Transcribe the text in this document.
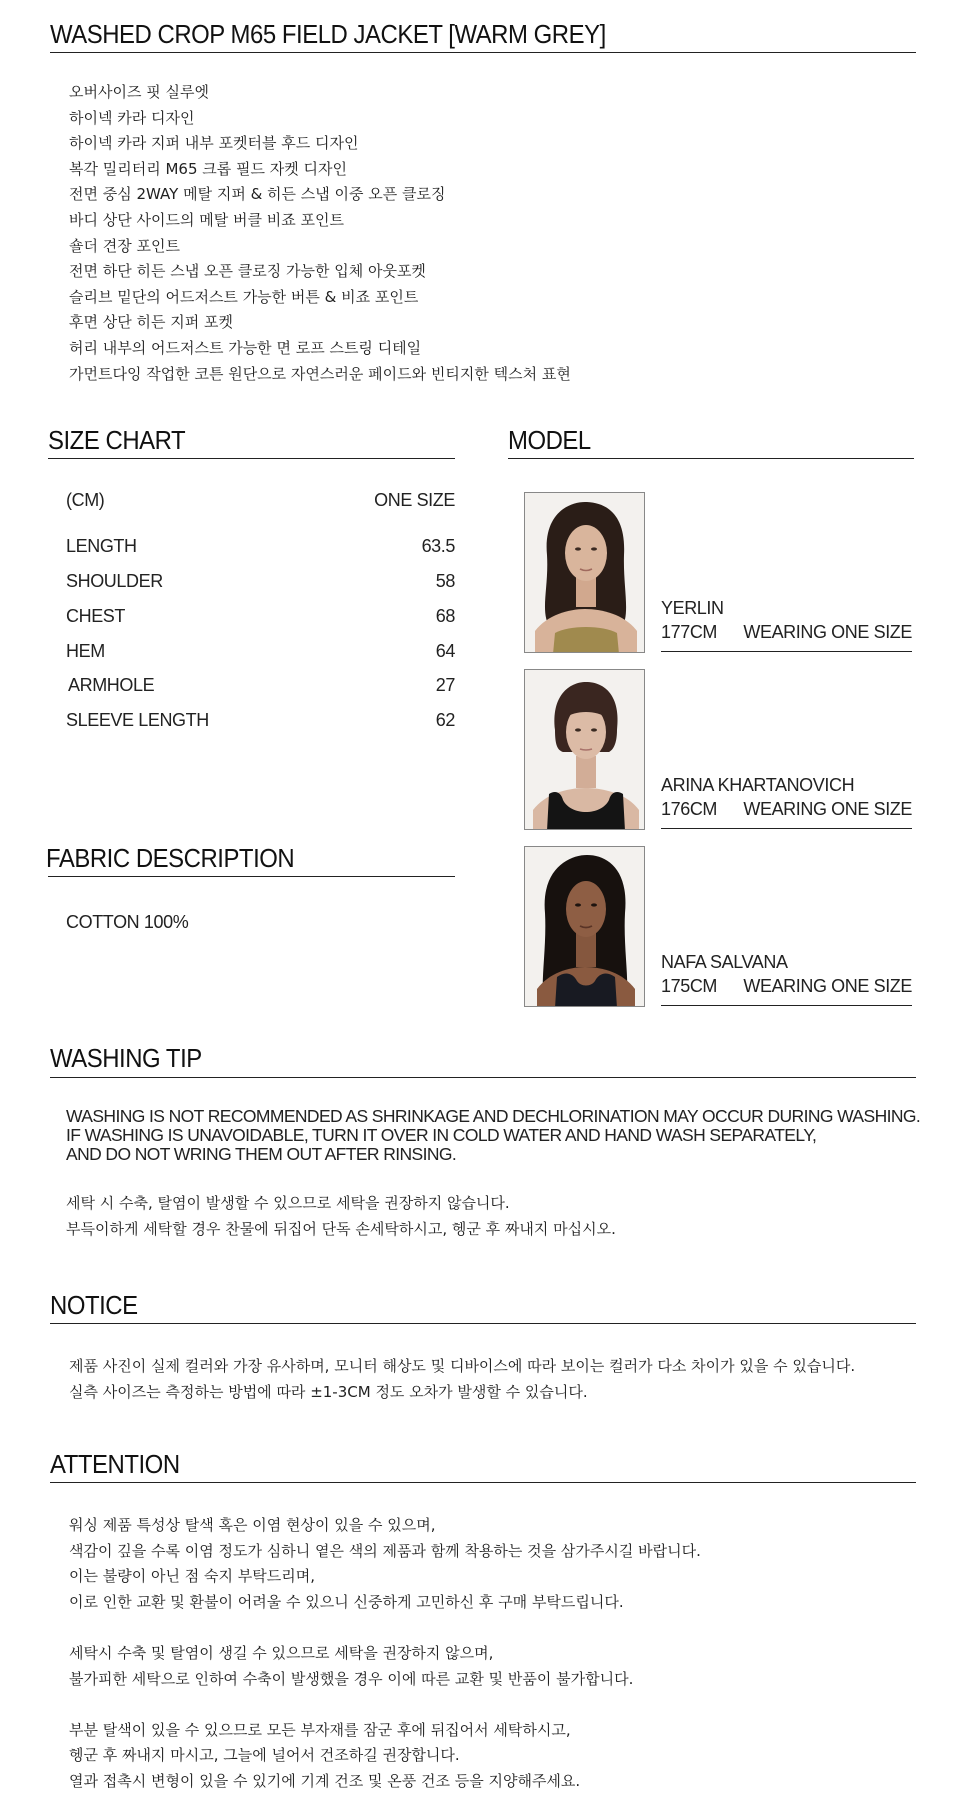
WASHED CROP M65 FIELD JACKET [WARM GREY]
오버사이즈 핏 실루엣
하이넥 카라 디자인
하이넥 카라 지퍼 내부 포켓터블 후드 디자인
복각 밀리터리 M65 크롭 필드 자켓 디자인
전면 중심 2WAY 메탈 지퍼 & 히든 스냅 이중 오픈 클로징
바디 상단 사이드의 메탈 버클 비죠 포인트
숄더 견장 포인트
전면 하단 히든 스냅 오픈 클로징 가능한 입체 아웃포켓
슬리브 밑단의 어드저스트 가능한 버튼 & 비죠 포인트
후면 상단 히든 지퍼 포켓
허리 내부의 어드저스트 가능한 면 로프 스트링 디테일
가먼트다잉 작업한 코튼 원단으로 자연스러운 페이드와 빈티지한 텍스처 표현
SIZE CHART
(CM)	ONE SIZE
LENGTH	63.5
SHOULDER	58
CHEST	68
HEM	64
ARMHOLE	27
SLEEVE LENGTH	62
FABRIC DESCRIPTION
COTTON 100%
MODEL
YERLIN
177CM WEARING ONE SIZE
ARINA KHARTANOVICH
176CM WEARING ONE SIZE
NAFA SALVANA
175CM WEARING ONE SIZE
WASHING TIP
WASHING IS NOT RECOMMENDED AS SHRINKAGE AND DECHLORINATION MAY OCCUR DURING WASHING.
IF WASHING IS UNAVOIDABLE, TURN IT OVER IN COLD WATER AND HAND WASH SEPARATELY,
AND DO NOT WRING THEM OUT AFTER RINSING.
세탁 시 수축, 탈염이 발생할 수 있으므로 세탁을 권장하지 않습니다.
부득이하게 세탁할 경우 찬물에 뒤집어 단독 손세탁하시고, 헹군 후 짜내지 마십시오.
NOTICE
제품 사진이 실제 컬러와 가장 유사하며, 모니터 해상도 및 디바이스에 따라 보이는 컬러가 다소 차이가 있을 수 있습니다.
실측 사이즈는 측정하는 방법에 따라 ±1-3CM 정도 오차가 발생할 수 있습니다.
ATTENTION
워싱 제품 특성상 탈색 혹은 이염 현상이 있을 수 있으며,
색감이 깊을 수록 이염 정도가 심하니 옅은 색의 제품과 함께 착용하는 것을 삼가주시길 바랍니다.
이는 불량이 아닌 점 숙지 부탁드리며,
이로 인한 교환 및 환불이 어려울 수 있으니 신중하게 고민하신 후 구매 부탁드립니다.
세탁시 수축 및 탈염이 생길 수 있으므로 세탁을 권장하지 않으며,
불가피한 세탁으로 인하여 수축이 발생했을 경우 이에 따른 교환 및 반품이 불가합니다.
부분 탈색이 있을 수 있으므로 모든 부자재를 잠군 후에 뒤집어서 세탁하시고,
헹군 후 짜내지 마시고, 그늘에 널어서 건조하길 권장합니다.
열과 접촉시 변형이 있을 수 있기에 기계 건조 및 온풍 건조 등을 지양해주세요.
